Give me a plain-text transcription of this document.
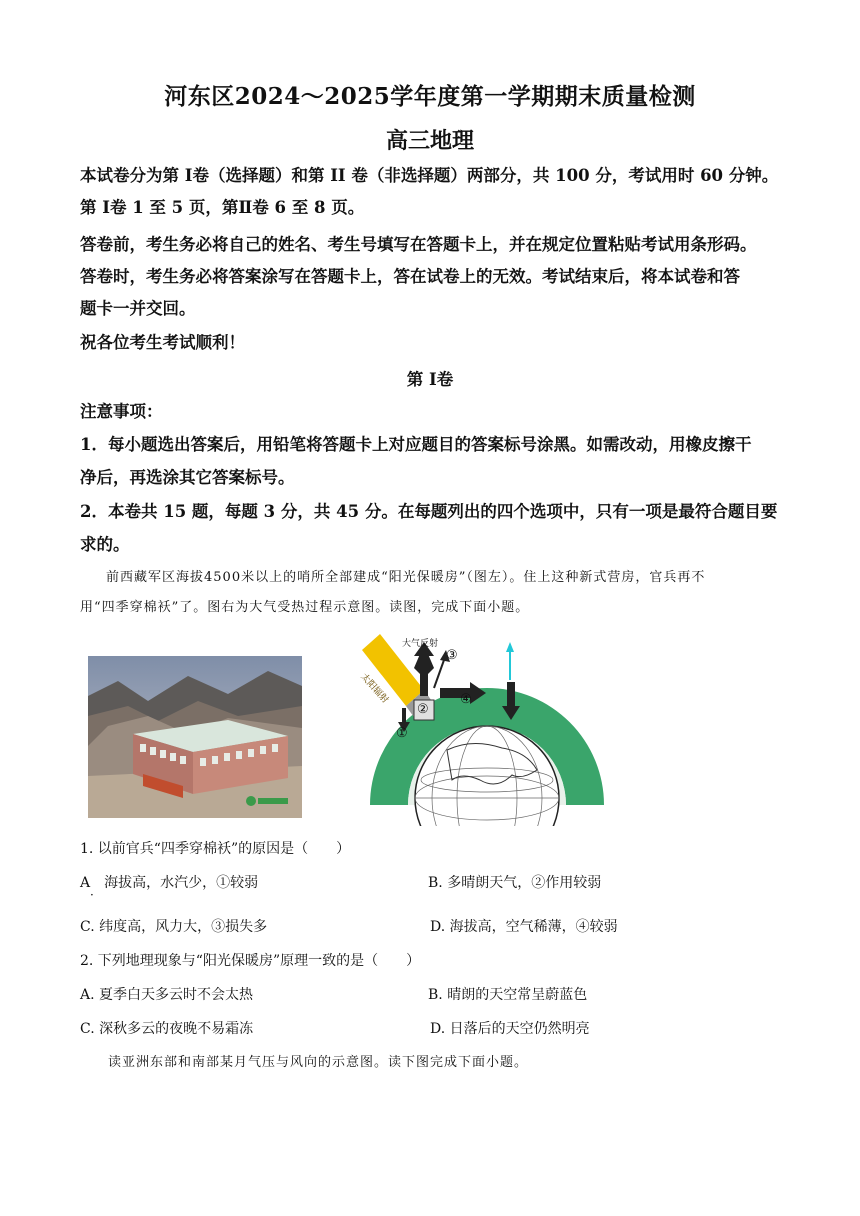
河东区2024～2025学年度第一学期期末质量检测
高三地理
本试卷分为第 Ⅰ卷（选择题）和第 II 卷（非选择题）两部分，共 100 分，考试用时 60 分钟。
第 Ⅰ卷 1 至 5 页，第Ⅱ卷 6 至 8 页。
答卷前，考生务必将自己的姓名、考生号填写在答题卡上，并在规定位置粘贴考试用条形码。
答卷时，考生务必将答案涂写在答题卡上，答在试卷上的无效。考试结束后，将本试卷和答
题卡一并交回。
祝各位考生考试顺利！
第 Ⅰ卷
注意事项：
1．每小题选出答案后，用铅笔将答题卡上对应题目的答案标号涂黑。如需改动，用橡皮擦干
净后，再选涂其它答案标号。
2．本卷共 15 题，每题 3 分，共 45 分。在每题列出的四个选项中，只有一项是最符合题目要
求的。
前西藏军区海拔4500米以上的哨所全部建成“阳光保暖房”（图左）。住上这种新式营房，官兵再不
用“四季穿棉袄”了。图右为大气受热过程示意图。读图，完成下面小题。
太阳辐射
大气反射
大气上界
①
②
③
④
1. 以前官兵“四季穿棉袄”的原因是（　　）
A　海拔高，水汽少，①较弱
·
B. 多晴朗天气，②作用较弱
C. 纬度高，风力大，③损失多	D. 海拔高，空气稀薄，④较弱
2. 下列地理现象与“阳光保暖房”原理一致的是（　　）
A. 夏季白天多云时不会太热	B. 晴朗的天空常呈蔚蓝色
C. 深秋多云的夜晚不易霜冻	D. 日落后的天空仍然明亮
读亚洲东部和南部某月气压与风向的示意图。读下图完成下面小题。
